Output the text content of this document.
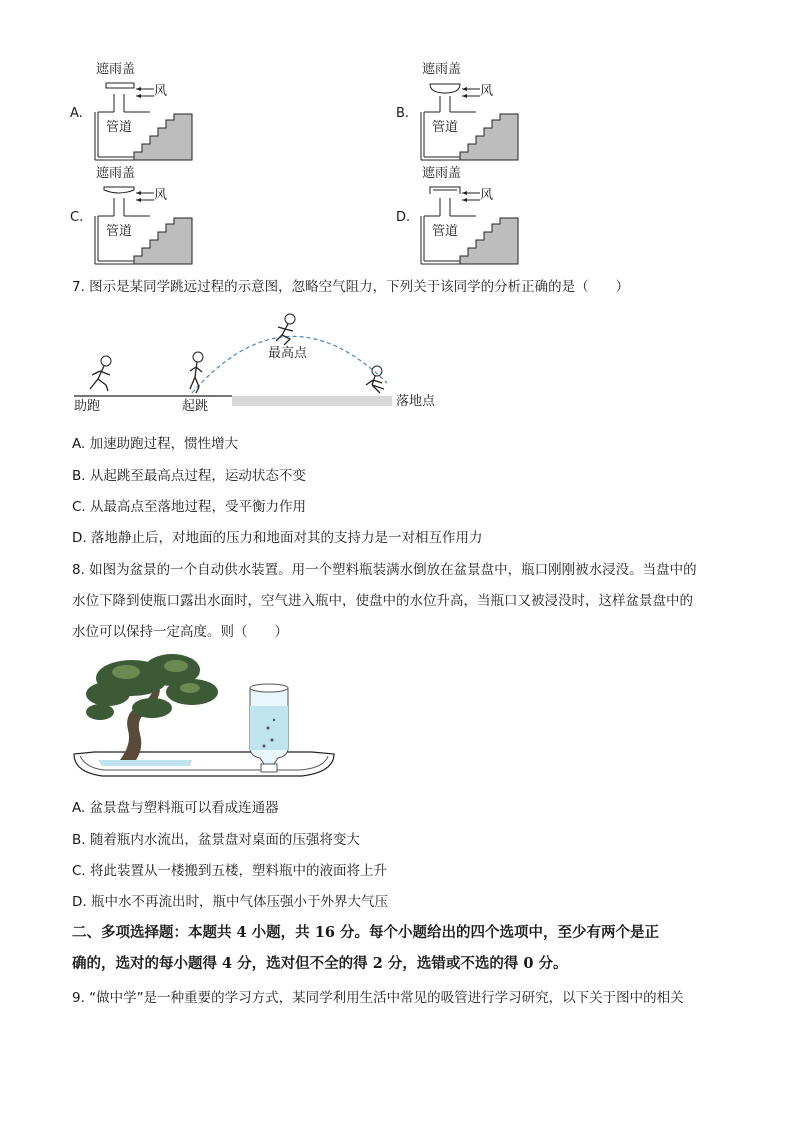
遮雨盖
A.
风
管道
遮雨盖
B.
风
管道
遮雨盖
C.
风
管道
遮雨盖
D.
风
管道
7. 图示是某同学跳远过程的示意图，忽略空气阻力，下列关于该同学的分析正确的是（　　）
助跑	起跳
最高点
落地点
A. 加速助跑过程，惯性增大
B. 从起跳至最高点过程，运动状态不变
C. 从最高点至落地过程，受平衡力作用
D. 落地静止后，对地面的压力和地面对其的支持力是一对相互作用力
8. 如图为盆景的一个自动供水装置。用一个塑料瓶装满水倒放在盆景盘中，瓶口刚刚被水浸没。当盘中的
水位下降到使瓶口露出水面时，空气进入瓶中，使盘中的水位升高，当瓶口又被浸没时，这样盆景盘中的
水位可以保持一定高度。则（　　）
A. 盆景盘与塑料瓶可以看成连通器
B. 随着瓶内水流出，盆景盘对桌面的压强将变大
C. 将此装置从一楼搬到五楼，塑料瓶中的液面将上升
D. 瓶中水不再流出时，瓶中气体压强小于外界大气压
二、多项选择题：本题共 4 小题，共 16 分。每个小题给出的四个选项中，至少有两个是正
确的，选对的每小题得 4 分，选对但不全的得 2 分，选错或不选的得 0 分。
9. “做中学”是一种重要的学习方式，某同学利用生活中常见的吸管进行学习研究，以下关于图中的相关
